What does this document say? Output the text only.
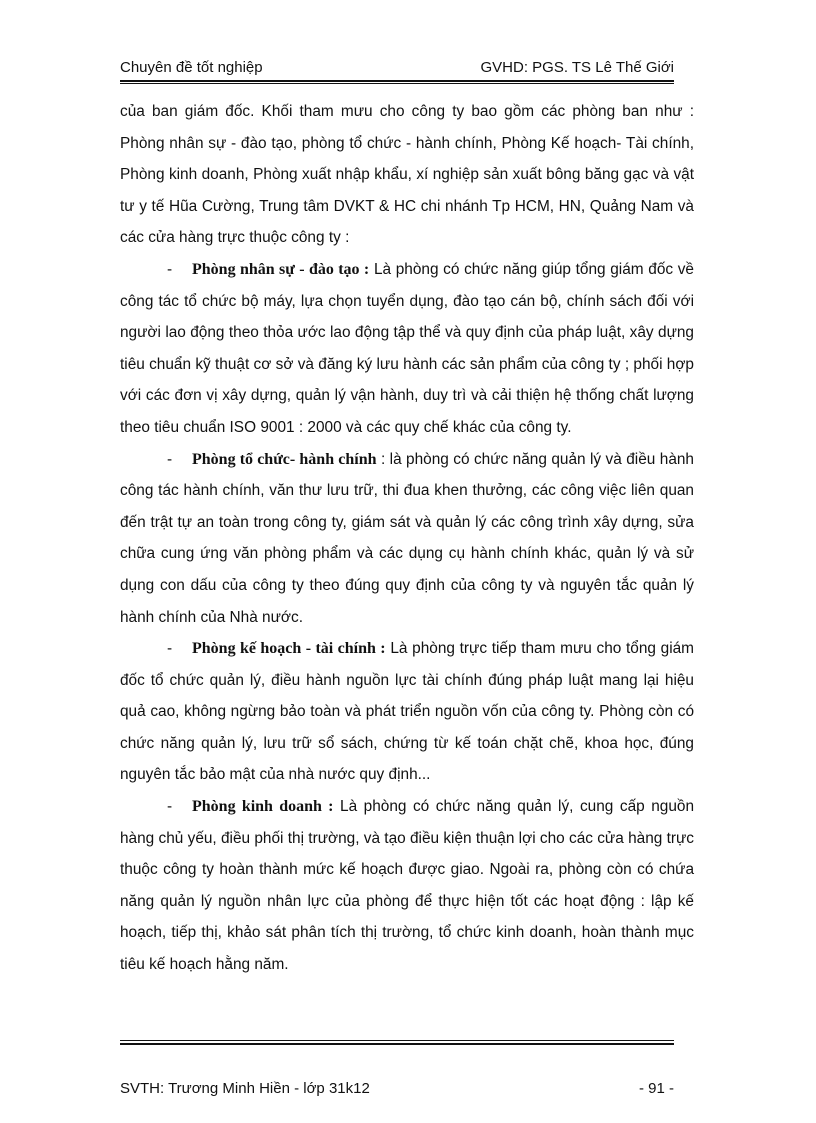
Chuyên đề tốt nghiệp	GVHD: PGS. TS Lê Thế Giới

của ban giám đốc. Khối tham mưu cho công ty bao gồm các phòng ban như : Phòng nhân sự - đào tạo, phòng tổ chức - hành chính, Phòng Kế hoạch- Tài chính, Phòng kinh doanh, Phòng xuất nhập khẩu, xí nghiệp sản xuất bông băng gạc và vật tư y tế Hũa Cường, Trung tâm DVKT & HC chi nhánh Tp HCM, HN, Quảng Nam và các cửa hàng trực thuộc công ty :

- Phòng nhân sự - đào tạo : Là phòng có chức năng giúp tổng giám đốc về công tác tổ chức bộ máy, lựa chọn tuyển dụng, đào tạo cán bộ, chính sách đối với người lao động theo thỏa ước lao động tập thể và quy định của pháp luật, xây dựng tiêu chuẩn kỹ thuật cơ sở và đăng ký lưu hành các sản phẩm của công ty ; phối hợp với các đơn vị xây dựng, quản lý vận hành, duy trì và cải thiện hệ thống chất lượng theo tiêu chuẩn ISO 9001 : 2000 và các quy chế khác của công ty.

- Phòng tổ chức- hành chính : là phòng có chức năng quản lý và điều hành công tác hành chính, văn thư lưu trữ, thi đua khen thưởng, các công việc liên quan đến trật tự an toàn trong công ty, giám sát và quản lý các công trình xây dựng, sửa chữa cung ứng văn phòng phẩm và các dụng cụ hành chính khác, quản lý và sử dụng con dấu của công ty theo đúng quy định của công ty và nguyên tắc quản lý hành chính của Nhà nước.

- Phòng kế hoạch - tài chính : Là phòng trực tiếp tham mưu cho tổng giám đốc tổ chức quản lý, điều hành nguồn lực tài chính đúng pháp luật mang lại hiệu quả cao, không ngừng bảo toàn và phát triển nguồn vốn của công ty. Phòng còn có chức năng quản lý, lưu trữ sổ sách, chứng từ kế toán chặt chẽ, khoa học, đúng nguyên tắc bảo mật của nhà nước quy định...

- Phòng kinh doanh : Là phòng có chức năng quản lý, cung cấp nguồn hàng chủ yếu, điều phối thị trường, và tạo điều kiện thuận lợi cho các cửa hàng trực thuộc công ty hoàn thành mức kế hoạch được giao. Ngoài ra, phòng còn có chứa năng quản lý nguồn nhân lực của phòng để thực hiện tốt các hoạt động : lập kế hoạch, tiếp thị, khảo sát phân tích thị trường, tổ chức kinh doanh, hoàn thành mục tiêu kế hoạch hằng năm.

SVTH: Trương Minh Hiền - lớp 31k12	- 91 -
